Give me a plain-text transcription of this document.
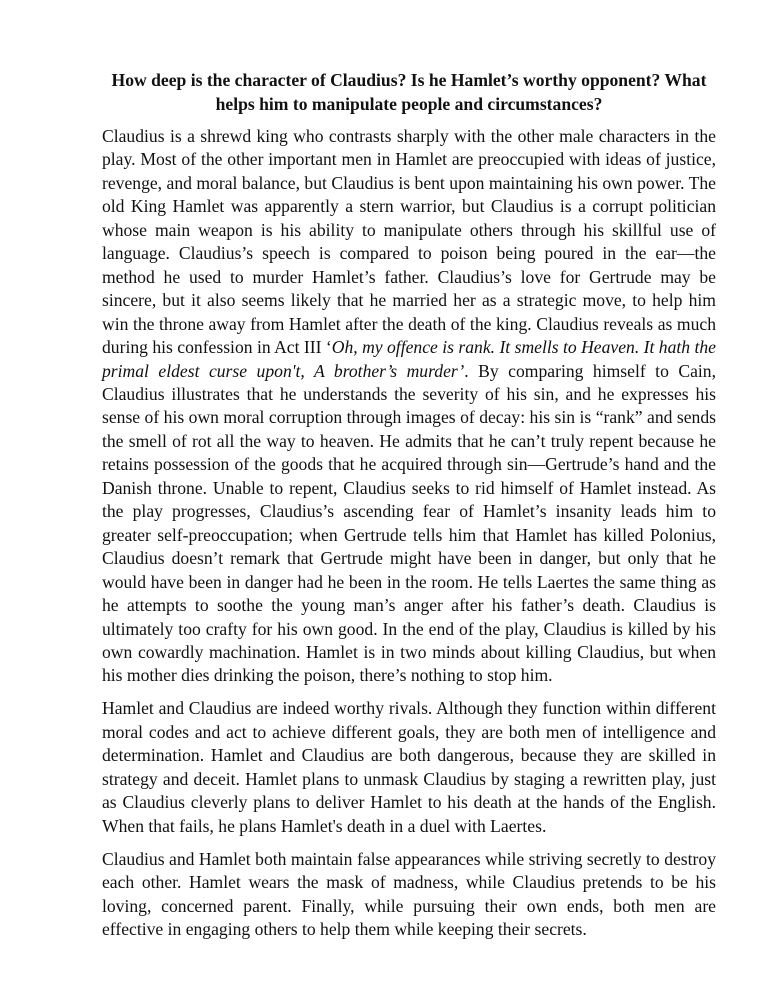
How deep is the character of Claudius? Is he Hamlet’s worthy opponent? What helps him to manipulate people and circumstances?

Claudius is a shrewd king who contrasts sharply with the other male characters in the play. Most of the other important men in Hamlet are preoccupied with ideas of justice, revenge, and moral balance, but Claudius is bent upon maintaining his own power. The old King Hamlet was apparently a stern warrior, but Claudius is a corrupt politician whose main weapon is his ability to manipulate others through his skillful use of language. Claudius’s speech is compared to poison being poured in the ear—the method he used to murder Hamlet’s father. Claudius’s love for Gertrude may be sincere, but it also seems likely that he married her as a strategic move, to help him win the throne away from Hamlet after the death of the king. Claudius reveals as much during his confession in Act III ‘Oh, my offence is rank. It smells to Heaven. It hath the primal eldest curse upon't, A brother’s murder’. By comparing himself to Cain, Claudius illustrates that he understands the severity of his sin, and he expresses his sense of his own moral corruption through images of decay: his sin is “rank” and sends the smell of rot all the way to heaven. He admits that he can’t truly repent because he retains possession of the goods that he acquired through sin—Gertrude’s hand and the Danish throne. Unable to repent, Claudius seeks to rid himself of Hamlet instead. As the play progresses, Claudius’s ascending fear of Hamlet’s insanity leads him to greater self-preoccupation; when Gertrude tells him that Hamlet has killed Polonius, Claudius doesn’t remark that Gertrude might have been in danger, but only that he would have been in danger had he been in the room. He tells Laertes the same thing as he attempts to soothe the young man’s anger after his father’s death. Claudius is ultimately too crafty for his own good. In the end of the play, Claudius is killed by his own cowardly machination. Hamlet is in two minds about killing Claudius, but when his mother dies drinking the poison, there’s nothing to stop him.

Hamlet and Claudius are indeed worthy rivals. Although they function within different moral codes and act to achieve different goals, they are both men of intelligence and determination. Hamlet and Claudius are both dangerous, because they are skilled in strategy and deceit. Hamlet plans to unmask Claudius by staging a rewritten play, just as Claudius cleverly plans to deliver Hamlet to his death at the hands of the English. When that fails, he plans Hamlet's death in a duel with Laertes.

Claudius and Hamlet both maintain false appearances while striving secretly to destroy each other. Hamlet wears the mask of madness, while Claudius pretends to be his loving, concerned parent. Finally, while pursuing their own ends, both men are effective in engaging others to help them while keeping their secrets.
